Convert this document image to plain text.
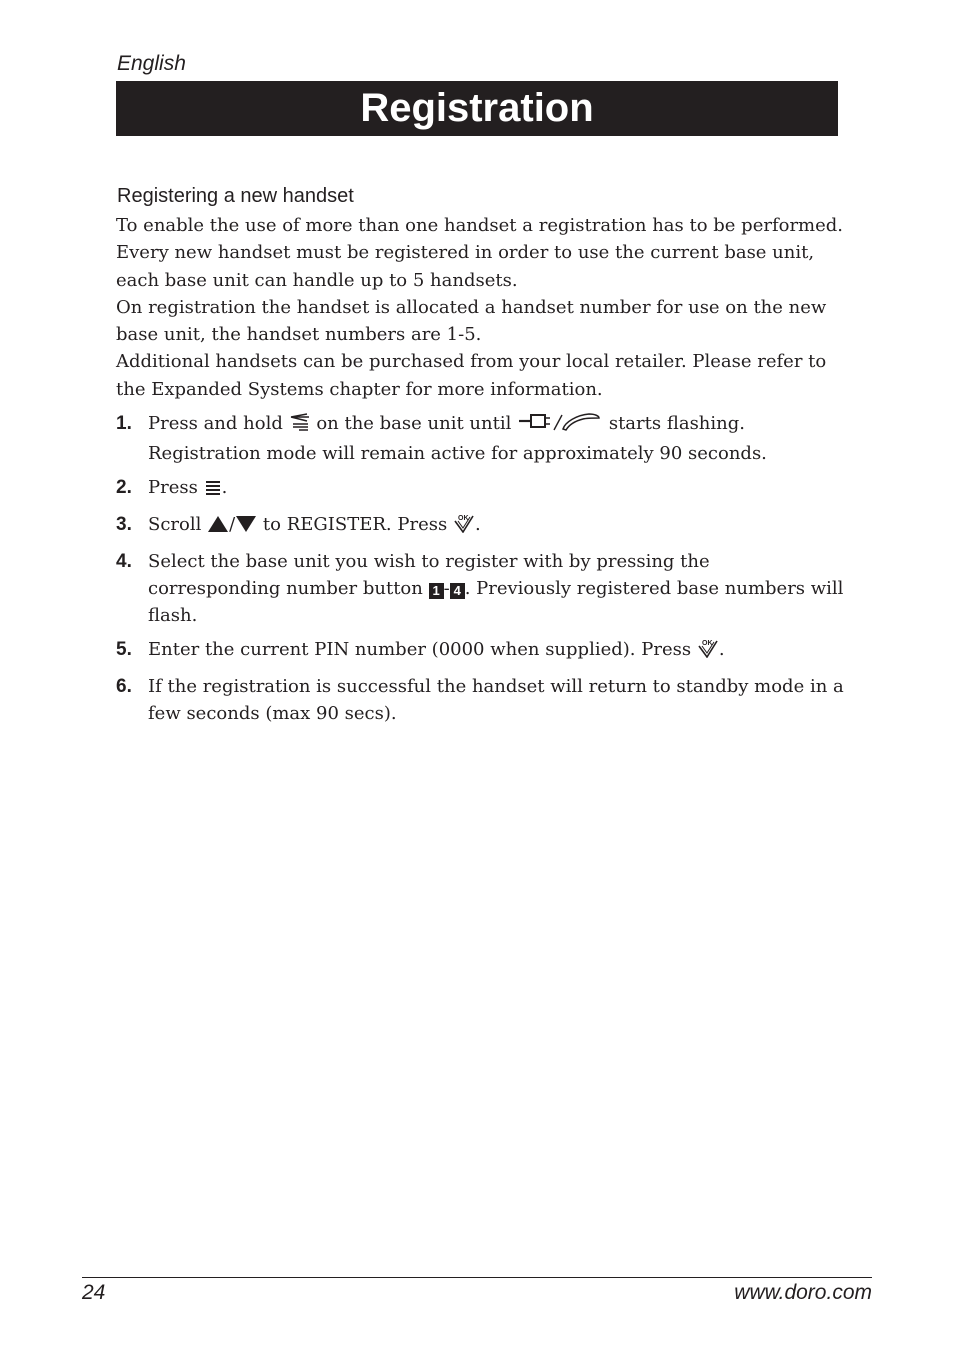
English
Registration
Registering a new handset

To enable the use of more than one handset a registration has to be performed. Every new handset must be registered in order to use the current base unit, each base unit can handle up to 5 handsets.

On registration the handset is allocated a handset number for use on the new base unit, the handset numbers are 1-5.

Additional handsets can be purchased from your local retailer. Please refer to the Expanded Systems chapter for more information.

1. Press and hold on the base unit until	starts flashing. Registration mode will remain active for approximately 90 seconds.
2. Press .
3. Scroll / to REGISTER. Press OK .
4. Select the base unit you wish to register with by pressing the corresponding number button 1 - 4 . Previously registered base numbers will flash.
5. Enter the current PIN number (0000 when supplied). Press OK .
6. If the registration is successful the handset will return to standby mode in a few seconds (max 90 secs).
24	www.doro.com
